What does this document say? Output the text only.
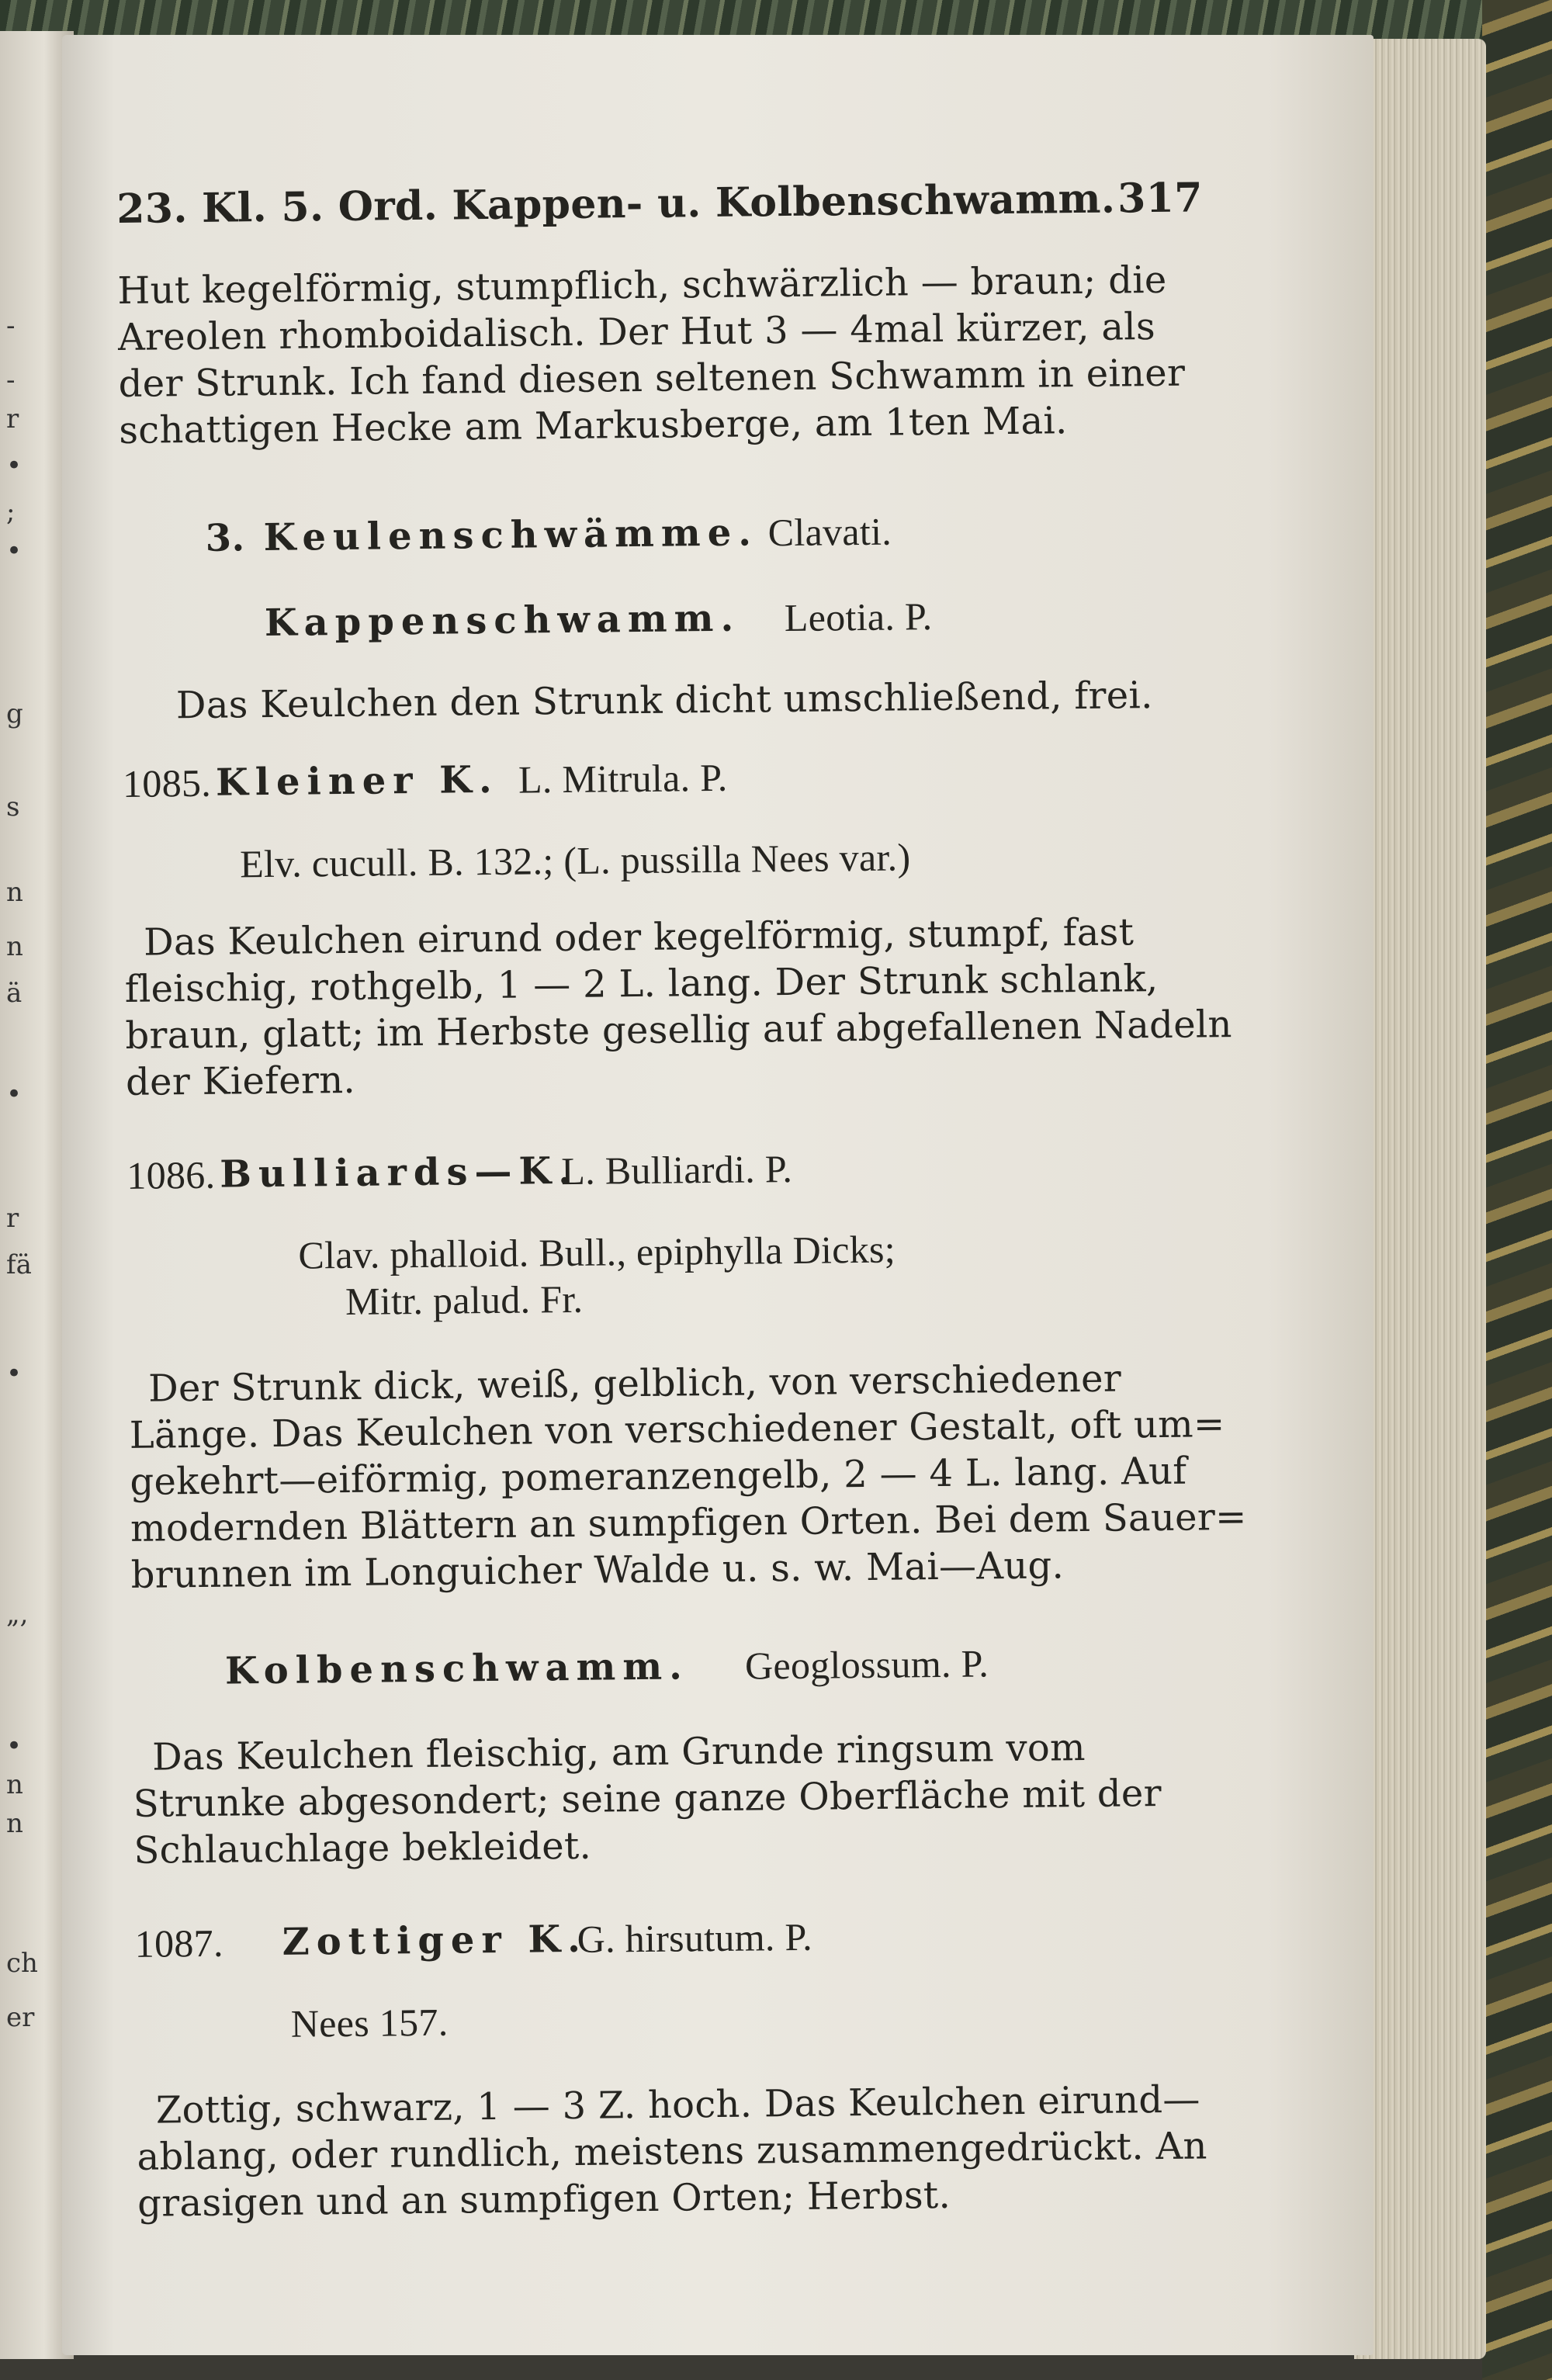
-
-
r
•
;
•
g
s
n
n
ä
•
r
fä
•
„,
•
n
n
ch
er
23. Kl. 5. Ord. Kappen- u. Kolbenschwamm. 317
Hut kegelförmig, stumpflich, schwärzlich — braun; die
Areolen rhomboidalisch. Der Hut 3 — 4mal kürzer, als
der Strunk. Ich fand diesen seltenen Schwamm in einer
schattigen Hecke am Markusberge, am 1ten Mai.
3. Keulenschwämme. Clavati.
Kappenschwamm. Leotia. P.
Das Keulchen den Strunk dicht umschließend, frei.
1085. Kleiner K. L. Mitrula. P.
Elv. cucull. B. 132.; (L. pussilla Nees var.)
Das Keulchen eirund oder kegelförmig, stumpf, fast
fleischig, rothgelb, 1 — 2 L. lang. Der Strunk schlank,
braun, glatt; im Herbste gesellig auf abgefallenen Nadeln
der Kiefern.
1086. Bulliards—K.
L. Bulliardi. P.
Clav. phalloid. Bull., epiphylla Dicks;
Mitr. palud. Fr.
Der Strunk dick, weiß, gelblich, von verschiedener
Länge. Das Keulchen von verschiedener Gestalt, oft um=
gekehrt—eiförmig, pomeranzengelb, 2 — 4 L. lang. Auf
modernden Blättern an sumpfigen Orten. Bei dem Sauer=
brunnen im Longuicher Walde u. s. w. Mai—Aug.
Kolbenschwamm. Geoglossum. P.
Das Keulchen fleischig, am Grunde ringsum vom
Strunke abgesondert; seine ganze Oberfläche mit der
Schlauchlage bekleidet.
1087. Zottiger K.
G. hirsutum. P.
Nees 157.
Zottig, schwarz, 1 — 3 Z. hoch. Das Keulchen eirund—
ablang, oder rundlich, meistens zusammengedrückt. An
grasigen und an sumpfigen Orten; Herbst.
